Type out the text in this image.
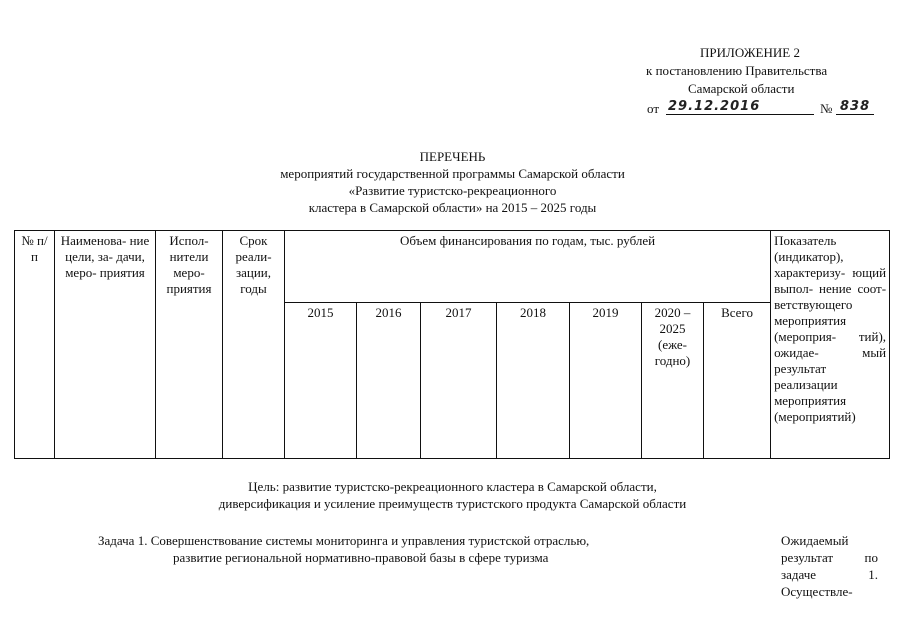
ПРИЛОЖЕНИЕ 2
к постановлению Правительства
Самарской области
от 29.12.2016	№ 838
ПЕРЕЧЕНЬ
мероприятий государственной программы Самарской области
«Развитие туристско-рекреационного
кластера в Самарской области» на 2015 – 2025 годы
№ п/п	Наименова- ние цели, за- дачи, меро- приятия	Испол- нители меро- приятия	Срок реали- зации, годы	Объем финансирования по годам, тыс. рублей							Показатель (индикатор), характеризу- ющий выпол- нение соот- ветствующего мероприятия (мероприя- тий), ожидае- мый результат реализации мероприятия (мероприятий)
				2015	2016	2017	2018	2019	2020 – 2025 (еже- годно)	Всего	
Цель: развитие туристско-рекреационного кластера в Самарской области,
диверсификация и усиление преимуществ туристского продукта Самарской области
Задача 1. Совершенствование системы мониторинга и управления туристской отраслью,
развитие региональной нормативно-правовой базы в сфере туризма
Ожидаемый
результат по
задаче 1.
Осуществле-
